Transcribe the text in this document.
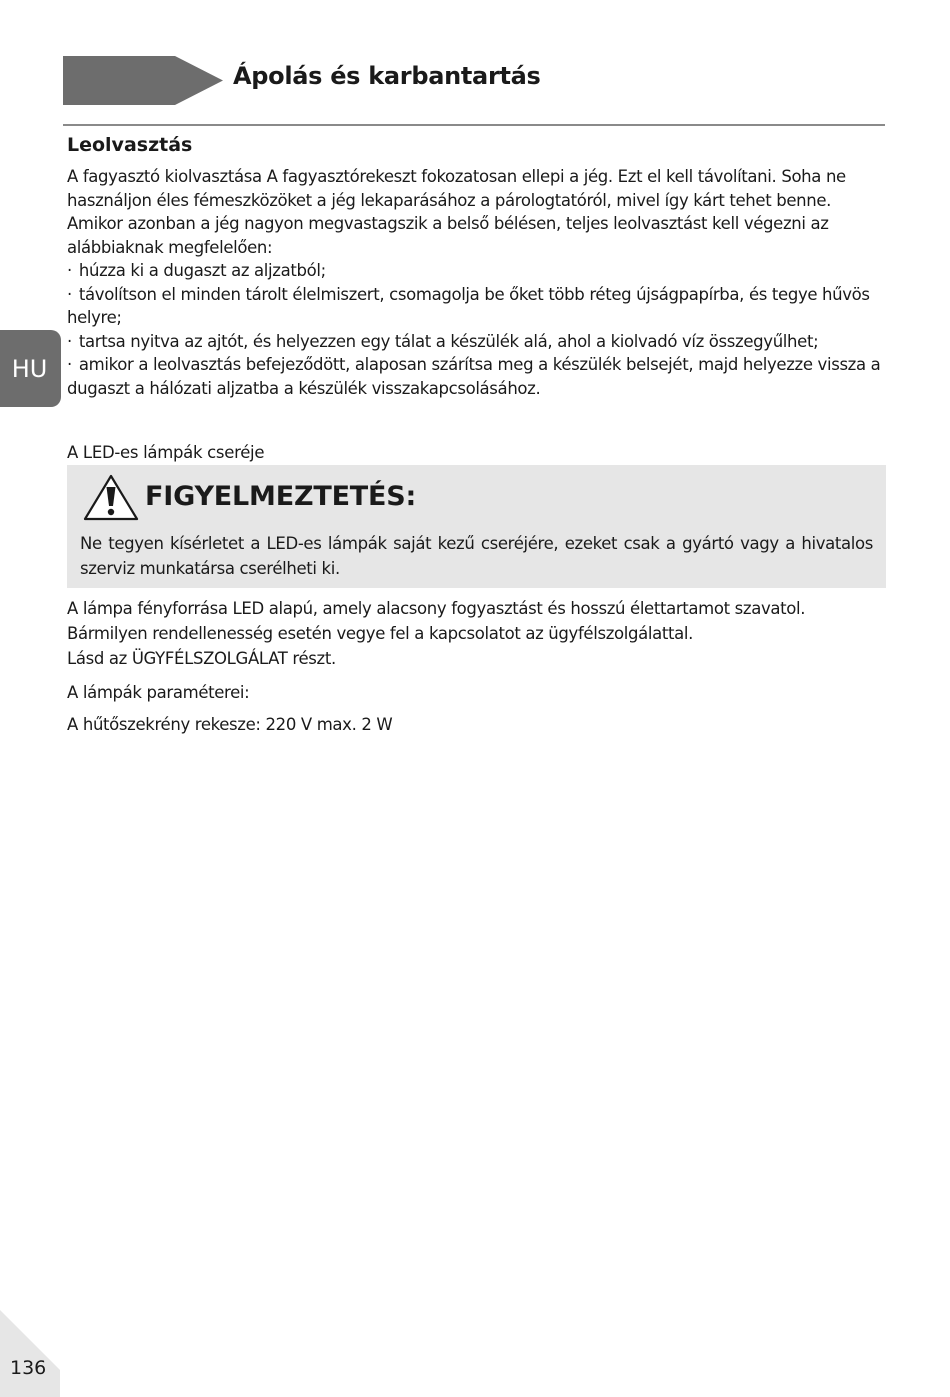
Ápolás és karbantartás
HU
Leolvasztás

A fagyasztó kiolvasztása A fagyasztórekeszt fokozatosan ellepi a jég. Ezt el kell távolítani. Soha ne használjon éles fémeszközöket a jég lekaparásához a párologtatóról, mivel így kárt tehet benne. Amikor azonban a jég nagyon megvastagszik a belső bélésen, teljes leolvasztást kell végezni az alábbiaknak megfelelően:

· húzza ki a dugaszt az aljzatból;
· távolítson el minden tárolt élelmiszert, csomagolja be őket több réteg újságpapírba, és tegye hűvös helyre;
· tartsa nyitva az ajtót, és helyezzen egy tálat a készülék alá, ahol a kiolvadó víz összegyűlhet;
· amikor a leolvasztás befejeződött, alaposan szárítsa meg a készülék belsejét, majd helyezze vissza a dugaszt a hálózati aljzatba a készülék visszakapcsolásához.
A LED-es lámpák cseréje
FIGYELMEZTETÉS:
Ne tegyen kísérletet a LED-es lámpák saját kezű cseréjére, ezeket csak a gyártó vagy a hivatalos szerviz munkatársa cserélheti ki.

A lámpa fényforrása LED alapú, amely alacsony fogyasztást és hosszú élettartamot szavatol.

Bármilyen rendellenesség esetén vegye fel a kapcsolatot az ügyfélszolgálattal.

Lásd az ÜGYFÉLSZOLGÁLAT részt.

A lámpák paraméterei:
A hűtőszekrény rekesze: 220 V max. 2 W
136
